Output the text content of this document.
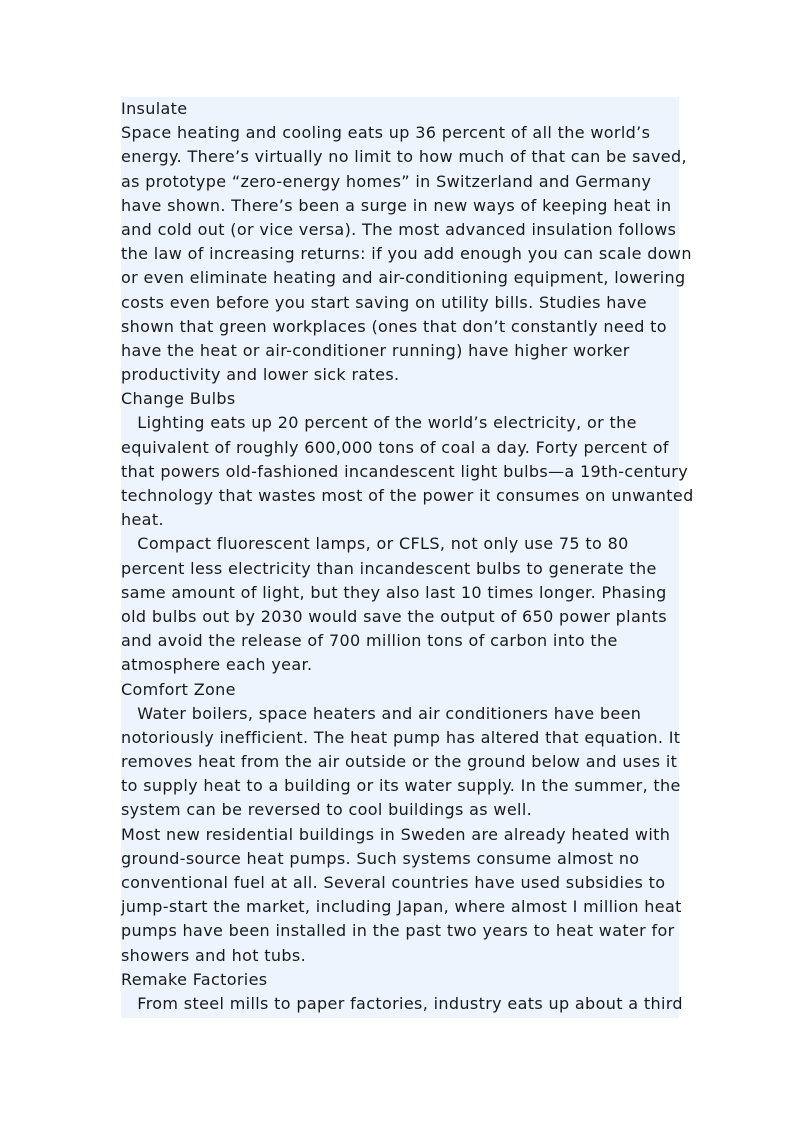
Insulate
Space heating and cooling eats up 36 percent of all the world’s
energy. There’s virtually no limit to how much of that can be saved,
as prototype “zero-energy homes” in Switzerland and Germany
have shown. There’s been a surge in new ways of keeping heat in
and cold out (or vice versa). The most advanced insulation follows
the law of increasing returns: if you add enough you can scale down
or even eliminate heating and air-conditioning equipment, lowering
costs even before you start saving on utility bills. Studies have
shown that green workplaces (ones that don’t constantly need to
have the heat or air-conditioner running) have higher worker
productivity and lower sick rates.
Change Bulbs
Lighting eats up 20 percent of the world’s electricity, or the
equivalent of roughly 600,000 tons of coal a day. Forty percent of
that powers old-fashioned incandescent light bulbs—a 19th-century
technology that wastes most of the power it consumes on unwanted
heat.
Compact fluorescent lamps, or CFLS, not only use 75 to 80
percent less electricity than incandescent bulbs to generate the
same amount of light, but they also last 10 times longer. Phasing
old bulbs out by 2030 would save the output of 650 power plants
and avoid the release of 700 million tons of carbon into the
atmosphere each year.
Comfort Zone
Water boilers, space heaters and air conditioners have been
notoriously inefficient. The heat pump has altered that equation. It
removes heat from the air outside or the ground below and uses it
to supply heat to a building or its water supply. In the summer, the
system can be reversed to cool buildings as well.
Most new residential buildings in Sweden are already heated with
ground-source heat pumps. Such systems consume almost no
conventional fuel at all. Several countries have used subsidies to
jump-start the market, including Japan, where almost I million heat
pumps have been installed in the past two years to heat water for
showers and hot tubs.
Remake Factories
From steel mills to paper factories, industry eats up about a third
